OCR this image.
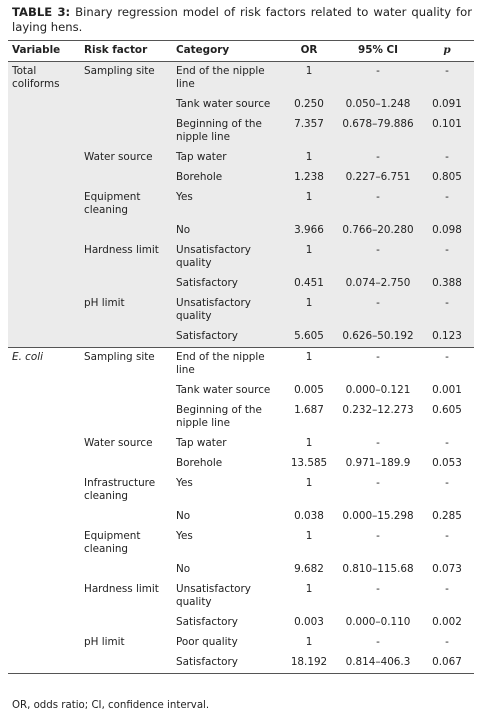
TABLE 3: Binary regression model of risk factors related to water quality for laying hens.
Variable	Risk factor	Category	OR	95% CI	p
Total coliforms	Sampling site	End of the nipple line	1	-	-
		Tank water source	0.250	0.050–1.248	0.091
		Beginning of the nipple line	7.357	0.678–79.886	0.101
	Water source	Tap water	1	-	-
		Borehole	1.238	0.227–6.751	0.805
	Equipment cleaning	Yes	1	-	-
		No	3.966	0.766–20.280	0.098
	Hardness limit	Unsatisfactory quality	1	-	-
		Satisfactory	0.451	0.074–2.750	0.388
	pH limit	Unsatisfactory quality	1	-	-
		Satisfactory	5.605	0.626–50.192	0.123
E. coli	Sampling site	End of the nipple line	1	-	-
		Tank water source	0.005	0.000–0.121	0.001
		Beginning of the nipple line	1.687	0.232–12.273	0.605
	Water source	Tap water	1	-	-
		Borehole	13.585	0.971–189.9	0.053
	Infrastructure cleaning	Yes	1	-	-
		No	0.038	0.000–15.298	0.285
	Equipment cleaning	Yes	1	-	-
		No	9.682	0.810–115.68	0.073
	Hardness limit	Unsatisfactory quality	1	-	-
		Satisfactory	0.003	0.000–0.110	0.002
	pH limit	Poor quality	1	-	-
		Satisfactory	18.192	0.814–406.3	0.067
OR, odds ratio; CI, confidence interval.
